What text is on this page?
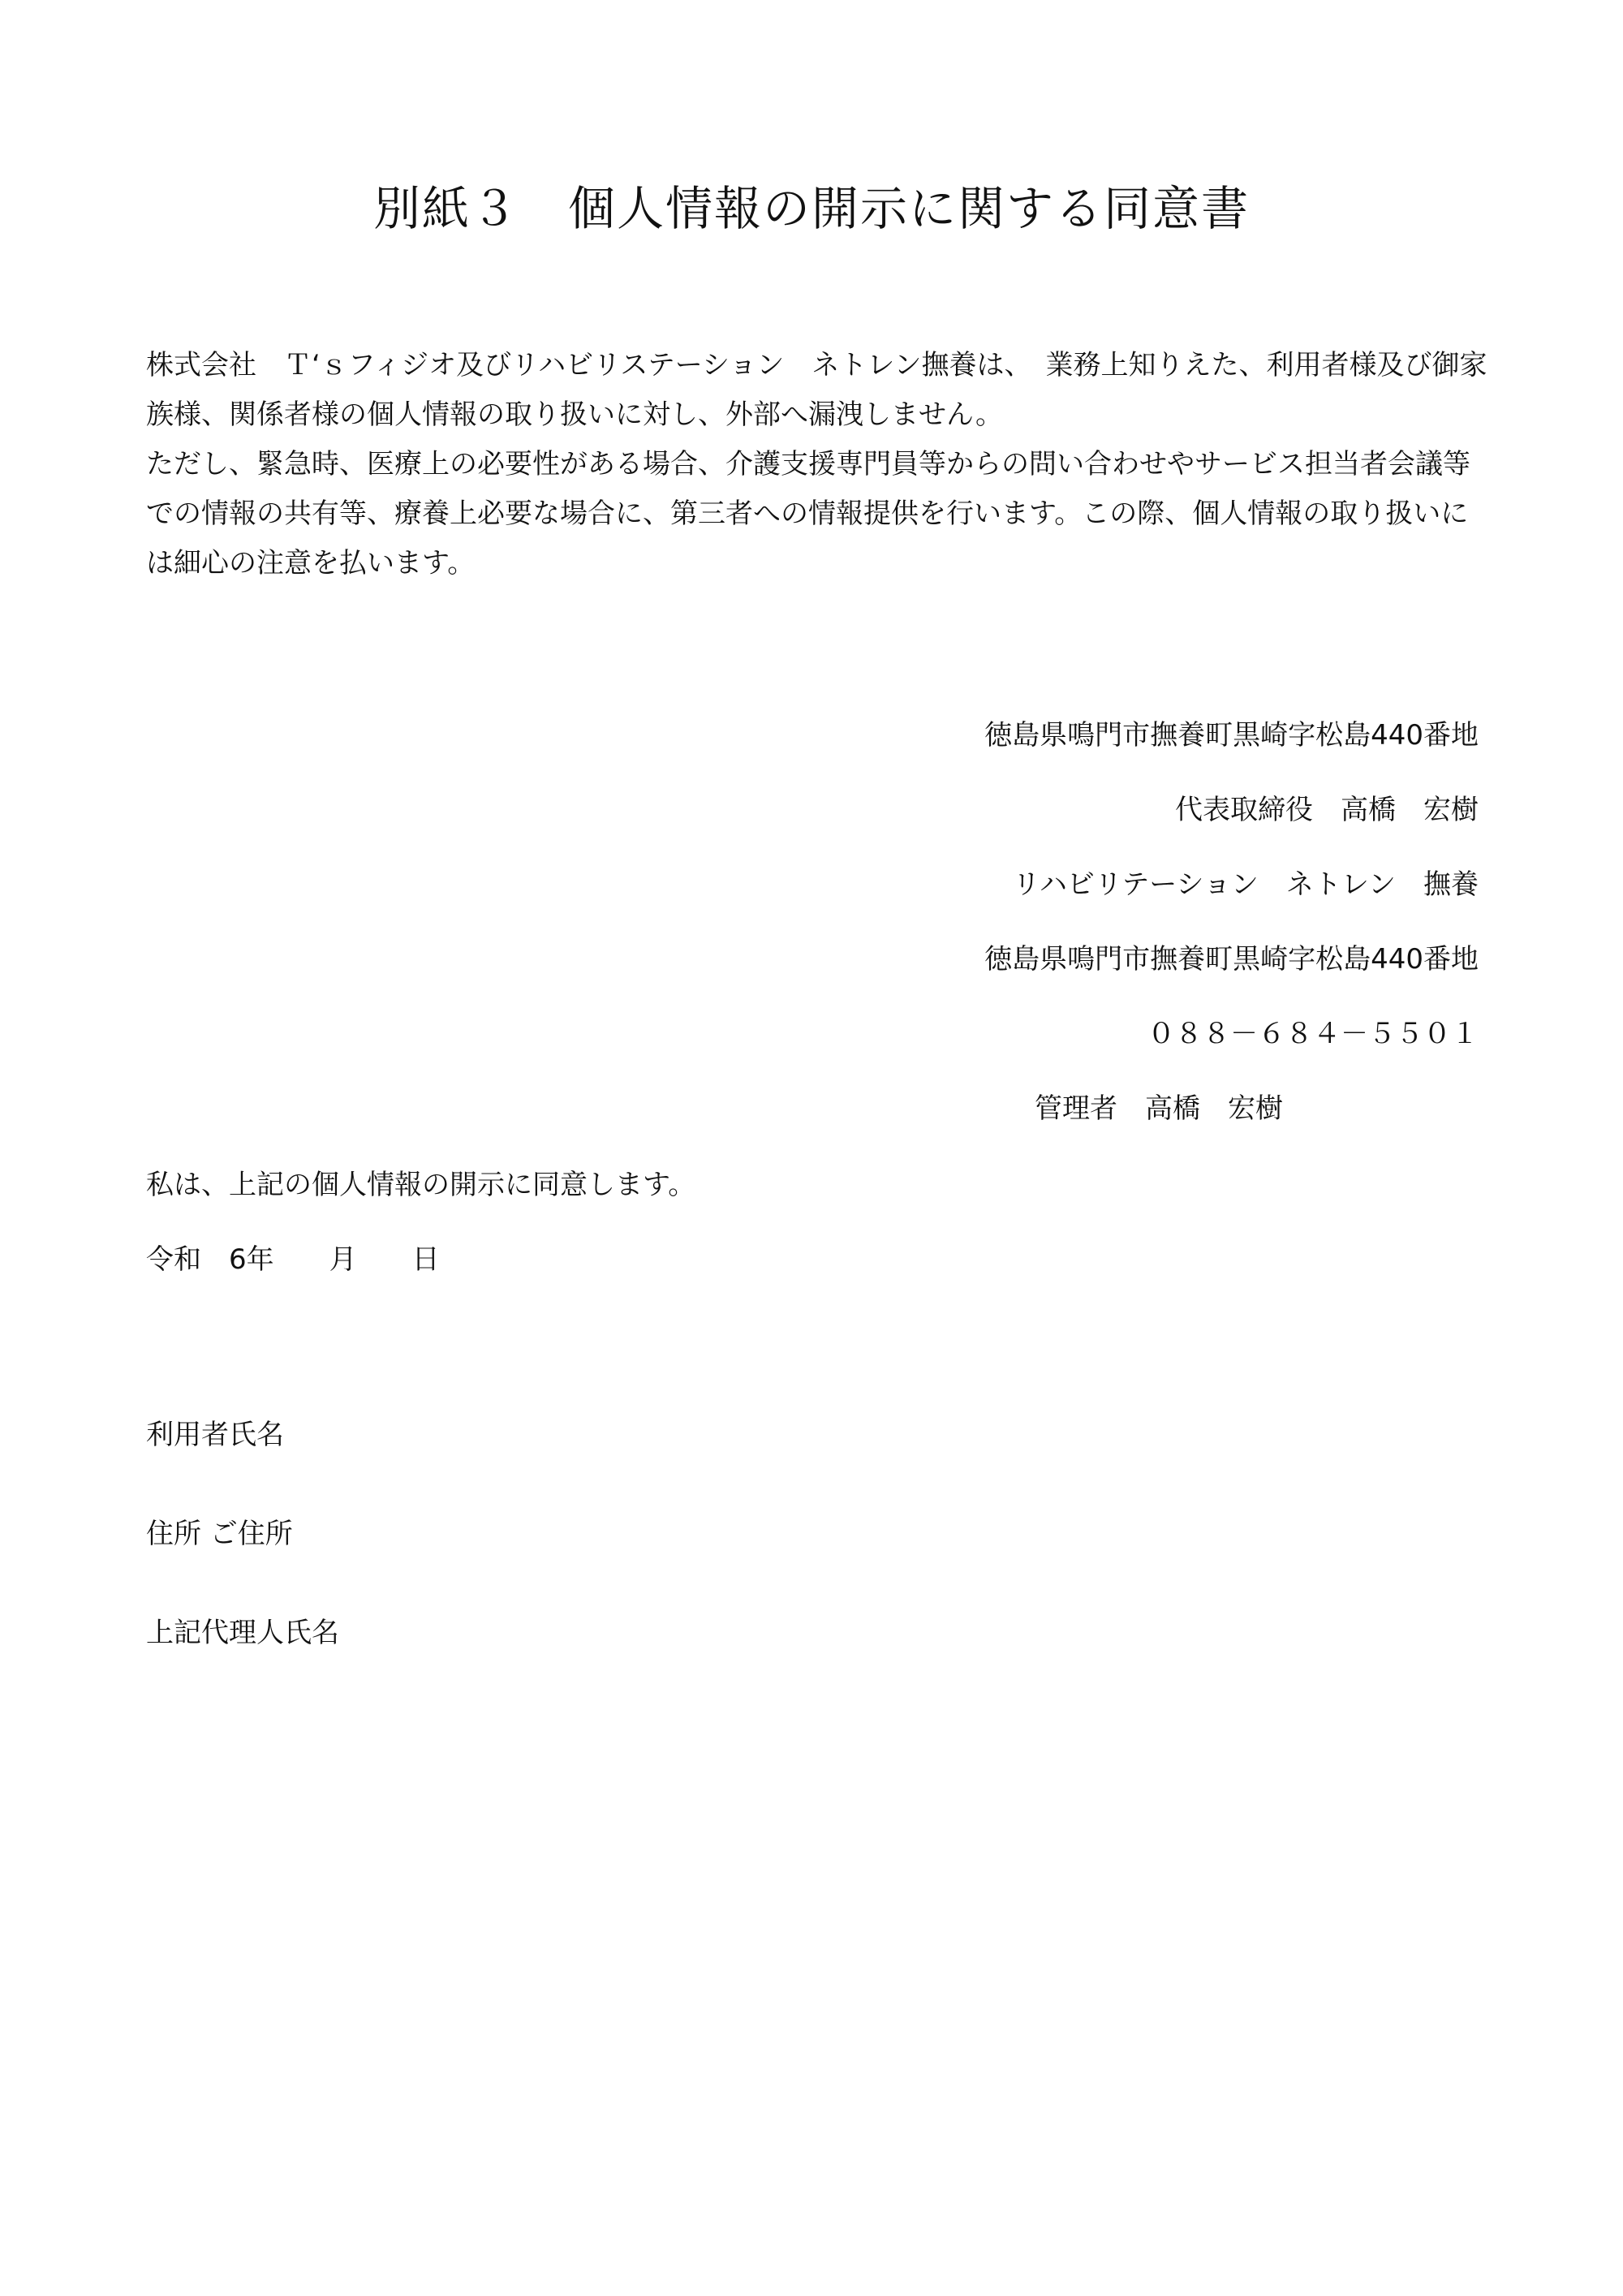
別紙３　個人情報の開示に関する同意書

株式会社　Ｔ‘ｓフィジオ及びリハビリステーション　ネトレン撫養は、　業務上知りえた、利用者様及び御家族様、関係者様の個人情報の取り扱いに対し、外部へ漏洩しません。

ただし、緊急時、医療上の必要性がある場合、介護支援専門員等からの問い合わせやサービス担当者会議等での情報の共有等、療養上必要な場合に、第三者への情報提供を行います。この際、個人情報の取り扱いには細心の注意を払います。

徳島県鳴門市撫養町黒崎字松島440番地
代表取締役　高橋　宏樹
リハビリテーション　ネトレン　撫養
徳島県鳴門市撫養町黒崎字松島440番地
０８８－６８４－５５０１
管理者　高橋　宏樹
私は、上記の個人情報の開示に同意します。
令和　6年　　月　　日
利用者氏名
住所 ご住所
上記代理人氏名
